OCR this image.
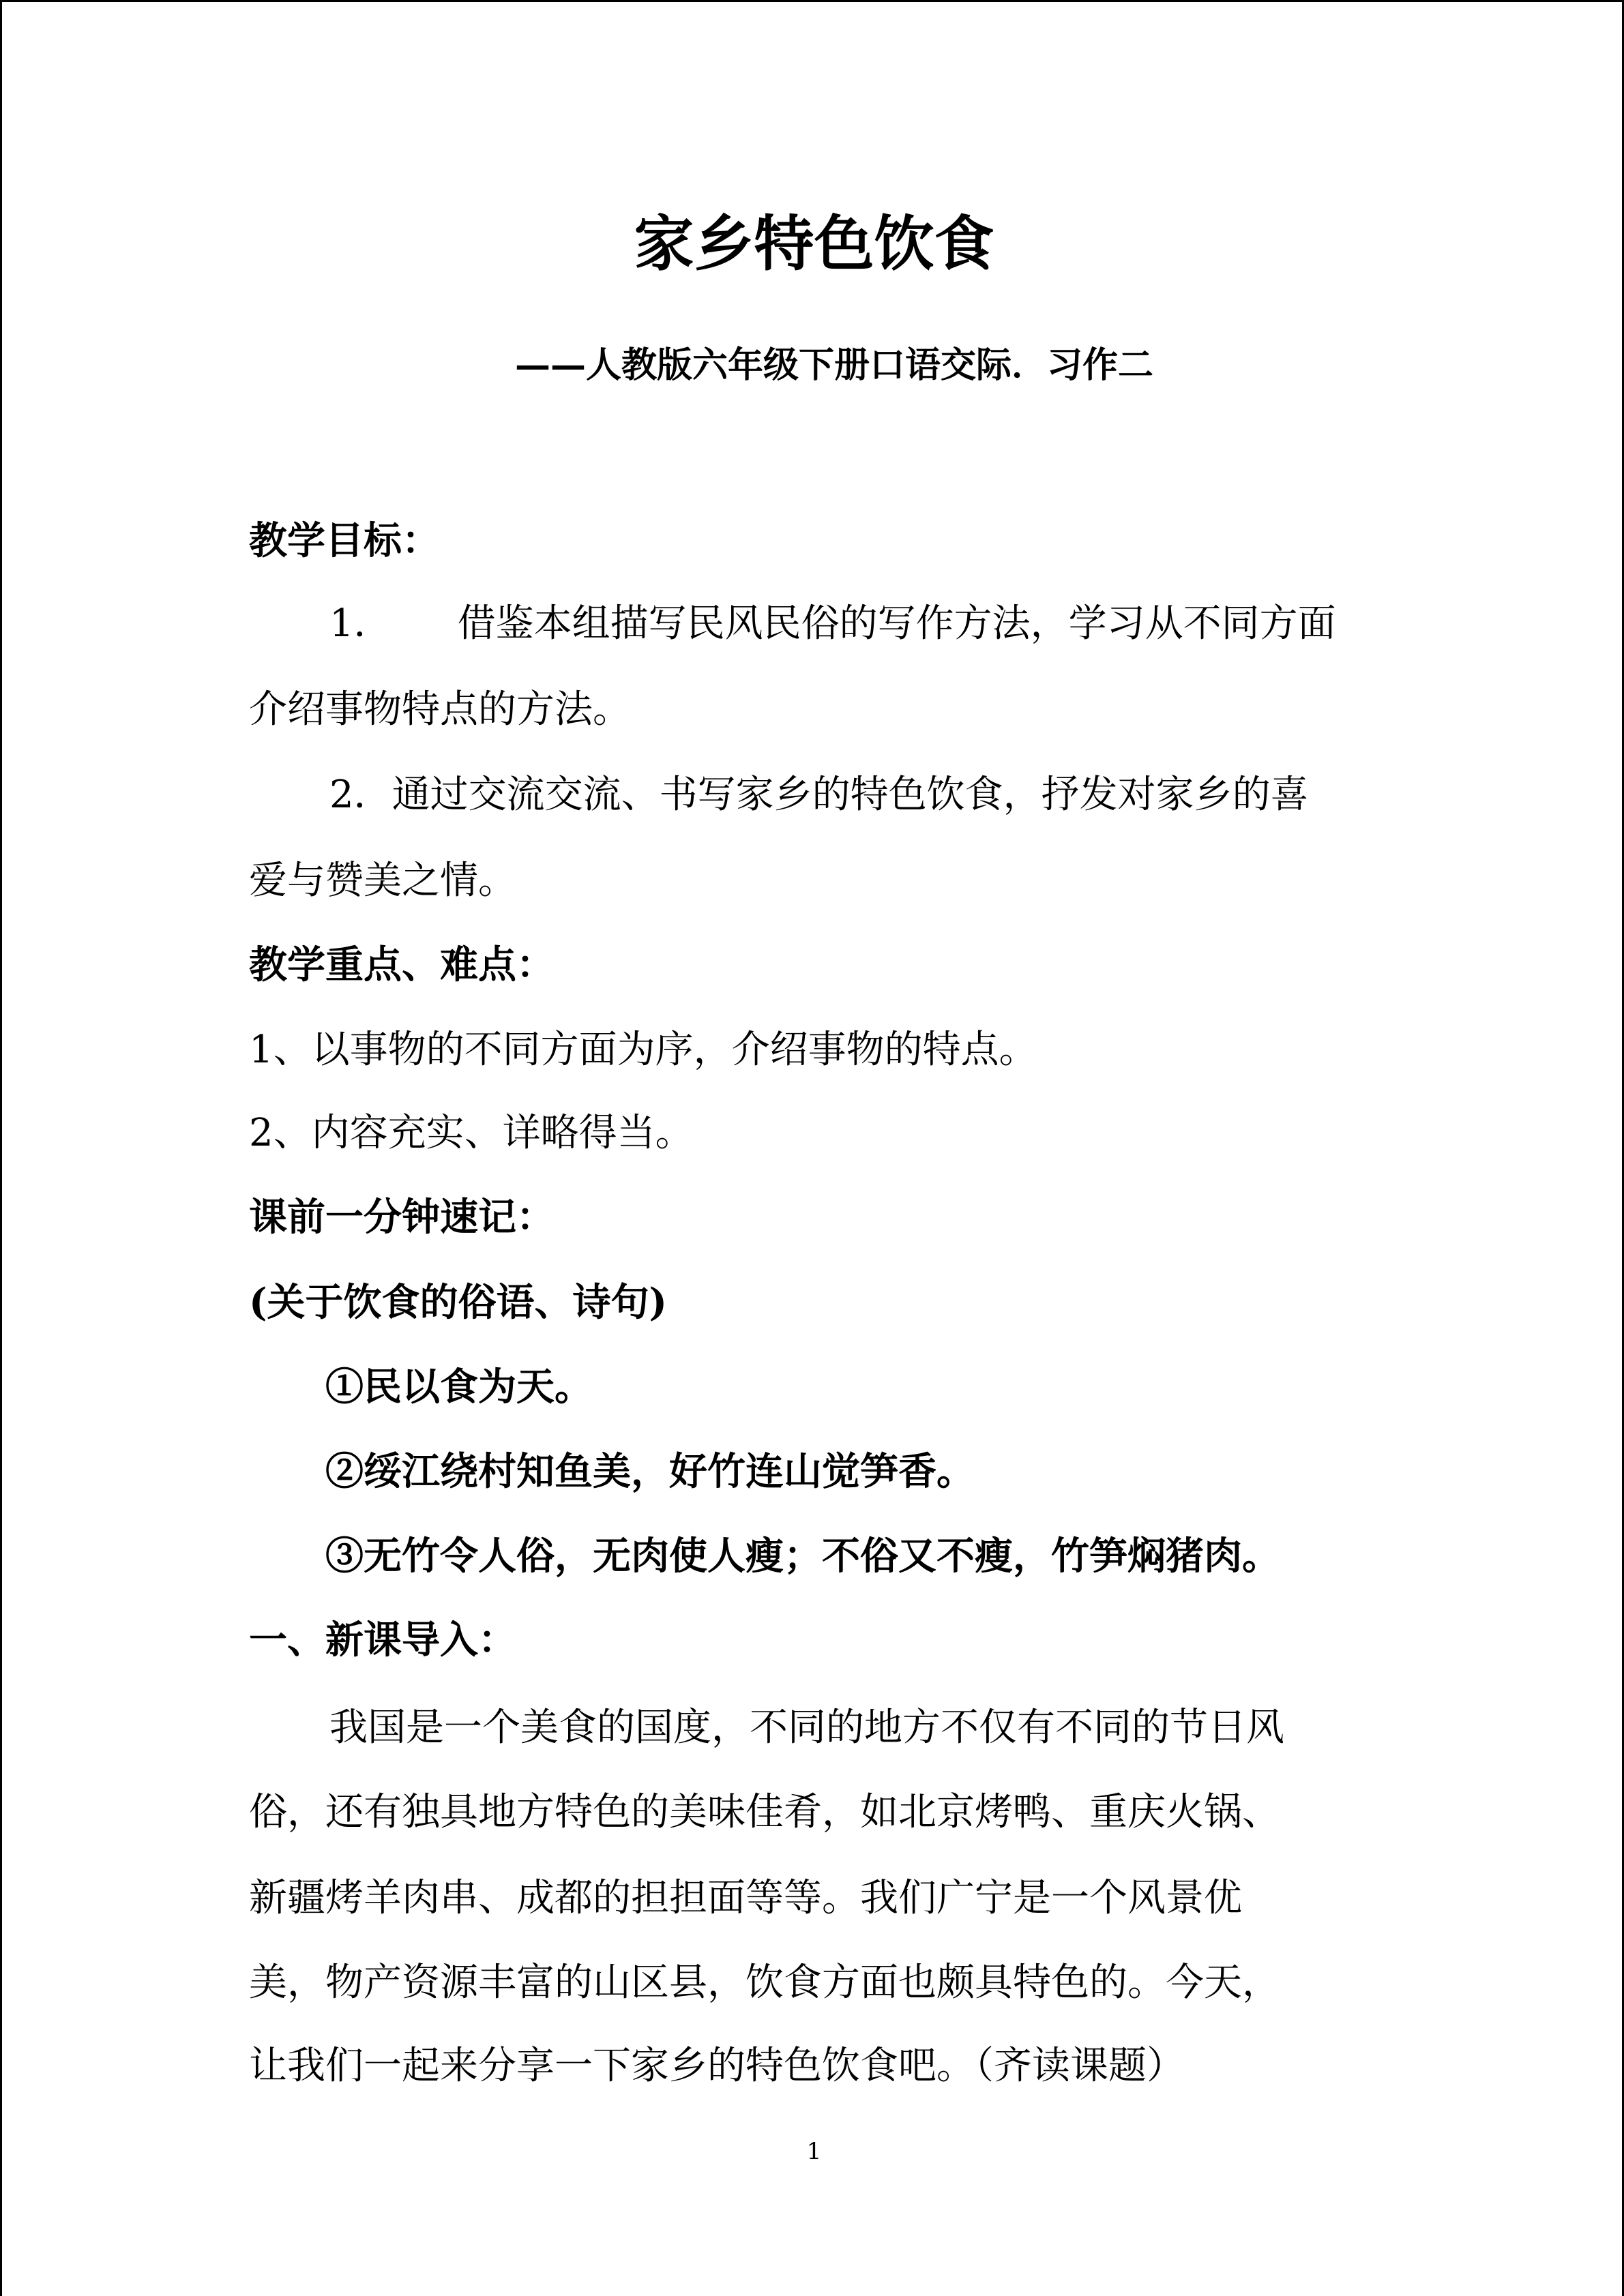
家乡特色饮食
——人教版六年级下册口语交际．习作二
教学目标：
1． 借鉴本组描写民风民俗的写作方法，学习从不同方面
介绍事物特点的方法。
2．通过交流交流、书写家乡的特色饮食，抒发对家乡的喜
爱与赞美之情。
教学重点、难点：
1、以事物的不同方面为序，介绍事物的特点。
2、内容充实、详略得当。
课前一分钟速记：
(关于饮食的俗语、诗句)
①民以食为天。
②绥江绕村知鱼美，好竹连山觉笋香。
③无竹令人俗，无肉使人瘦；不俗又不瘦，竹笋焖猪肉。
一、新课导入：
我国是一个美食的国度，不同的地方不仅有不同的节日风
俗，还有独具地方特色的美味佳肴，如北京烤鸭、重庆火锅、
新疆烤羊肉串、成都的担担面等等。我们广宁是一个风景优
美，物产资源丰富的山区县，饮食方面也颇具特色的。今天，
让我们一起来分享一下家乡的特色饮食吧。（齐读课题）
1
